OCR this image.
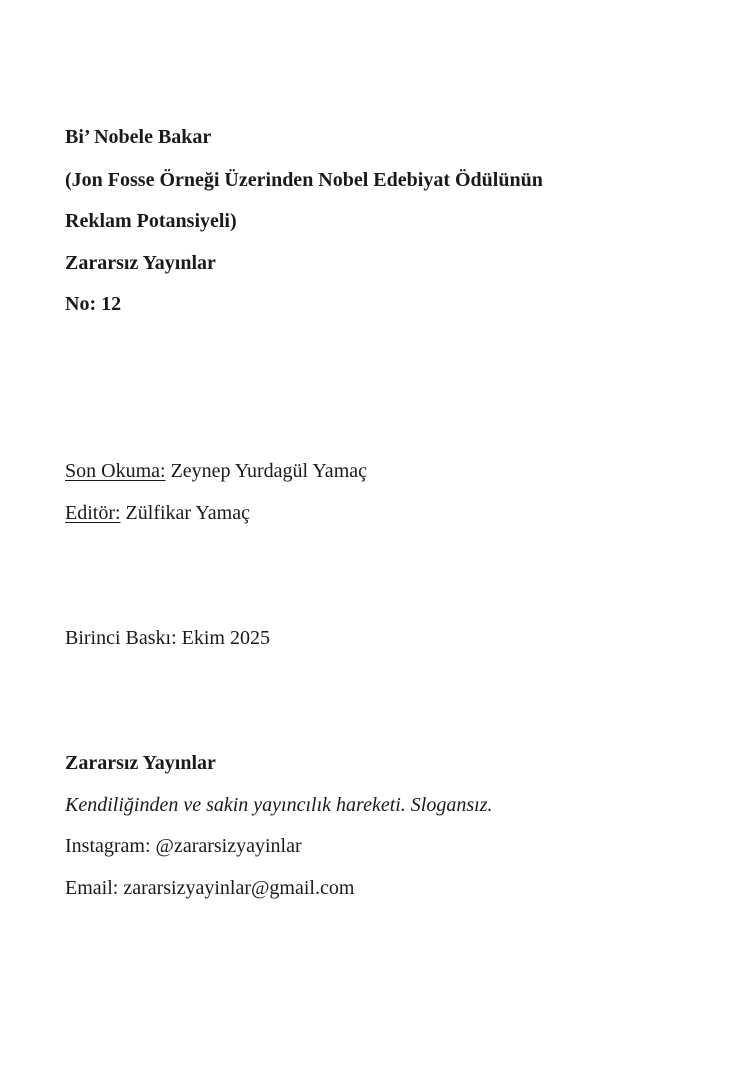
Bi’ Nobele Bakar

(Jon Fosse Örneği Üzerinden Nobel Edebiyat Ödülünün

Reklam Potansiyeli)

Zararsız Yayınlar

No: 12

Son Okuma: Zeynep Yurdagül Yamaç

Editör: Zülfikar Yamaç

Birinci Baskı: Ekim 2025

Zararsız Yayınlar

Kendiliğinden ve sakin yayıncılık hareketi. Slogansız.

Instagram: @zararsizyayinlar

Email: zararsizyayinlar@gmail.com
